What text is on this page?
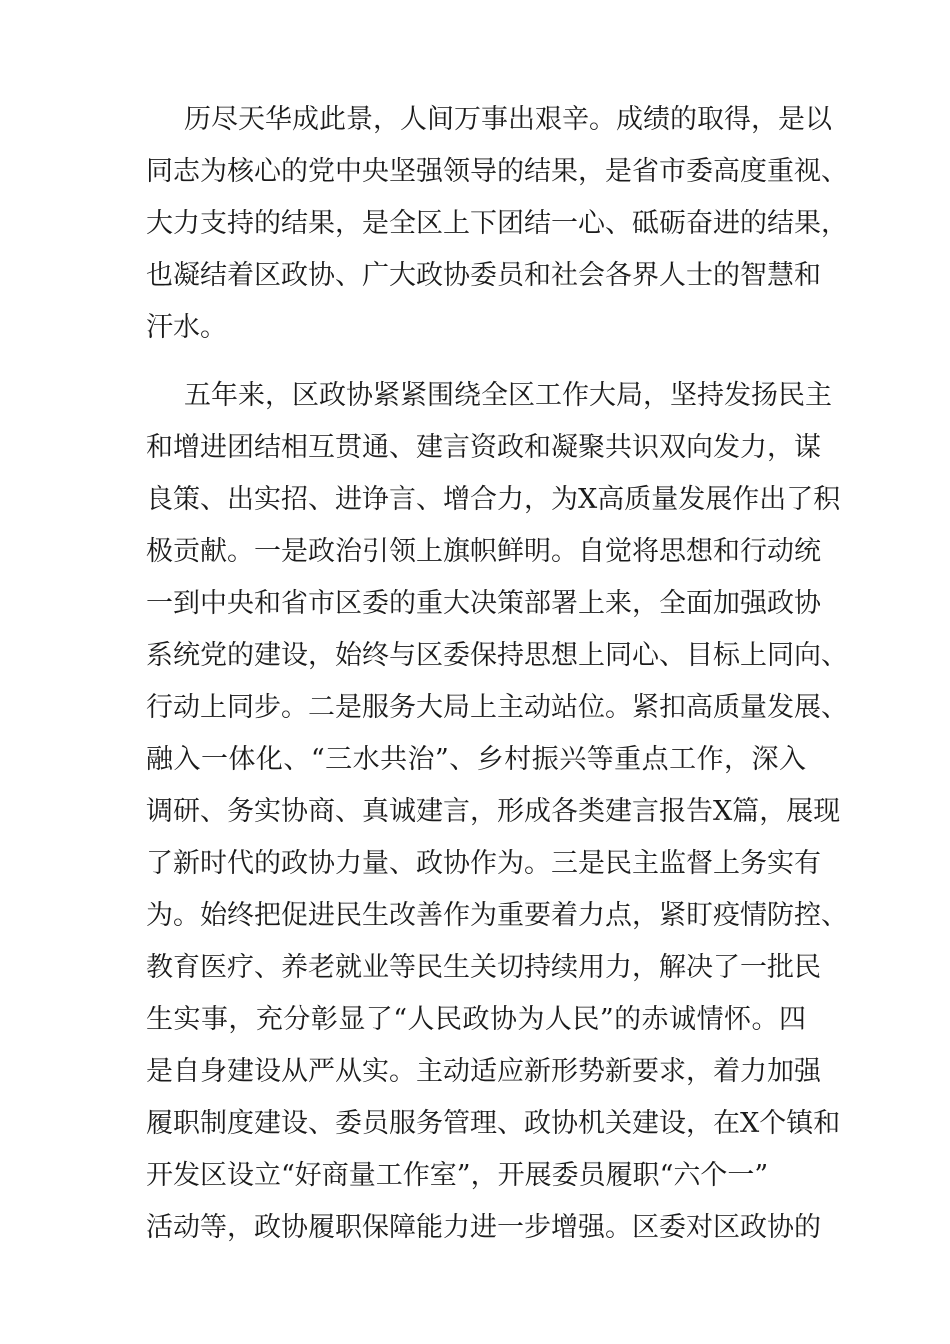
历尽天华成此景，人间万事出艰辛。成绩的取得，是以
同志为核心的党中央坚强领导的结果，是省市委高度重视、
大力支持的结果，是全区上下团结一心、砥砺奋进的结果，
也凝结着区政协、广大政协委员和社会各界人士的智慧和
汗水。
五年来，区政协紧紧围绕全区工作大局，坚持发扬民主
和增进团结相互贯通、建言资政和凝聚共识双向发力，谋
良策、出实招、进诤言、增合力，为X高质量发展作出了积
极贡献。一是政治引领上旗帜鲜明。自觉将思想和行动统
一到中央和省市区委的重大决策部署上来，全面加强政协
系统党的建设，始终与区委保持思想上同心、目标上同向、
行动上同步。二是服务大局上主动站位。紧扣高质量发展、
融入一体化、“三水共治”、乡村振兴等重点工作，深入
调研、务实协商、真诚建言，形成各类建言报告X篇，展现
了新时代的政协力量、政协作为。三是民主监督上务实有
为。始终把促进民生改善作为重要着力点，紧盯疫情防控、
教育医疗、养老就业等民生关切持续用力，解决了一批民
生实事，充分彰显了“人民政协为人民”的赤诚情怀。四
是自身建设从严从实。主动适应新形势新要求，着力加强
履职制度建设、委员服务管理、政协机关建设，在X个镇和
开发区设立“好商量工作室”，开展委员履职“六个一”
活动等，政协履职保障能力进一步增强。区委对区政协的
